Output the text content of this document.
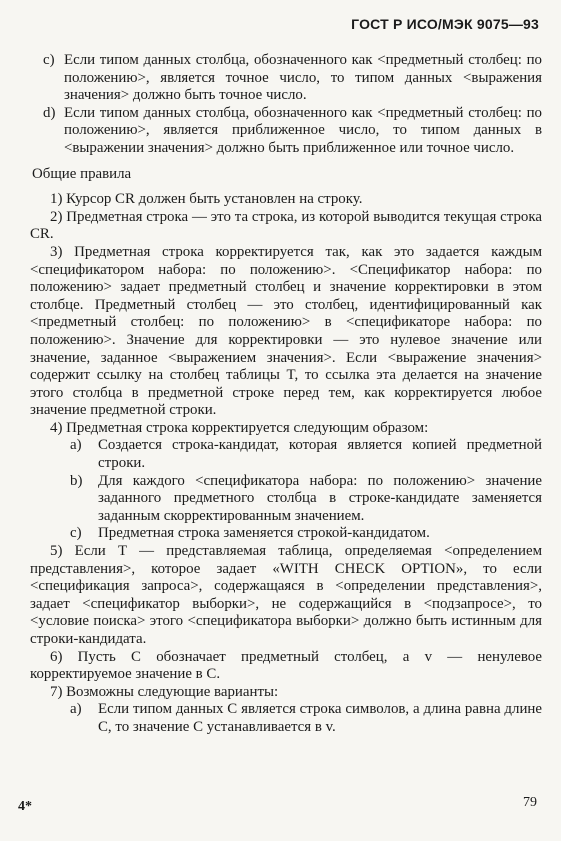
ГОСТ Р ИСО/МЭК 9075—93
c) Если типом данных столбца, обозначенного как <предметный столбец: по положению>, является точное число, то типом данных <выражения значения> должно быть точное число.
d) Если типом данных столбца, обозначенного как <предметный столбец: по положению>, является приближенное число, то типом данных в <выражении значения> должно быть приближенное или точное число.

Общие правила

1) Курсор CR должен быть установлен на строку.

2) Предметная строка — это та строка, из которой выводится текущая строка CR.

3) Предметная строка корректируется так, как это задается каждым <спецификатором набора: по положению>. <Спецификатор набора: по положению> задает предметный столбец и значение корректировки в этом столбце. Предметный столбец — это столбец, идентифицированный как <предметный столбец: по положению> в <спецификаторе набора: по положению>. Значение для корректировки — это нулевое значение или значение, заданное <выражением значения>. Если <выражение значения> содержит ссылку на столбец таблицы T, то ссылка эта делается на значение этого столбца в предметной строке перед тем, как корректируется любое значение предметной строки.

4) Предметная строка корректируется следующим образом:

a) Создается строка-кандидат, которая является копией предметной строки.
b) Для каждого <спецификатора набора: по положению> значение заданного предметного столбца в строке-кандидате заменяется заданным скорректированным значением.
c) Предметная строка заменяется строкой-кандидатом.

5) Если T — представляемая таблица, определяемая <определением представления>, которое задает «WITH CHECK OPTION», то если <спецификация запроса>, содержащаяся в <определении представления>, задает <спецификатор выборки>, не содержащийся в <подзапросе>, то <условие поиска> этого <спецификатора выборки> должно быть истинным для строки-кандидата.

6) Пусть C обозначает предметный столбец, а v — ненулевое корректируемое значение в C.

7) Возможны следующие варианты:

a) Если типом данных C является строка символов, а длина равна длине C, то значение C устанавливается в v.
4*	79
